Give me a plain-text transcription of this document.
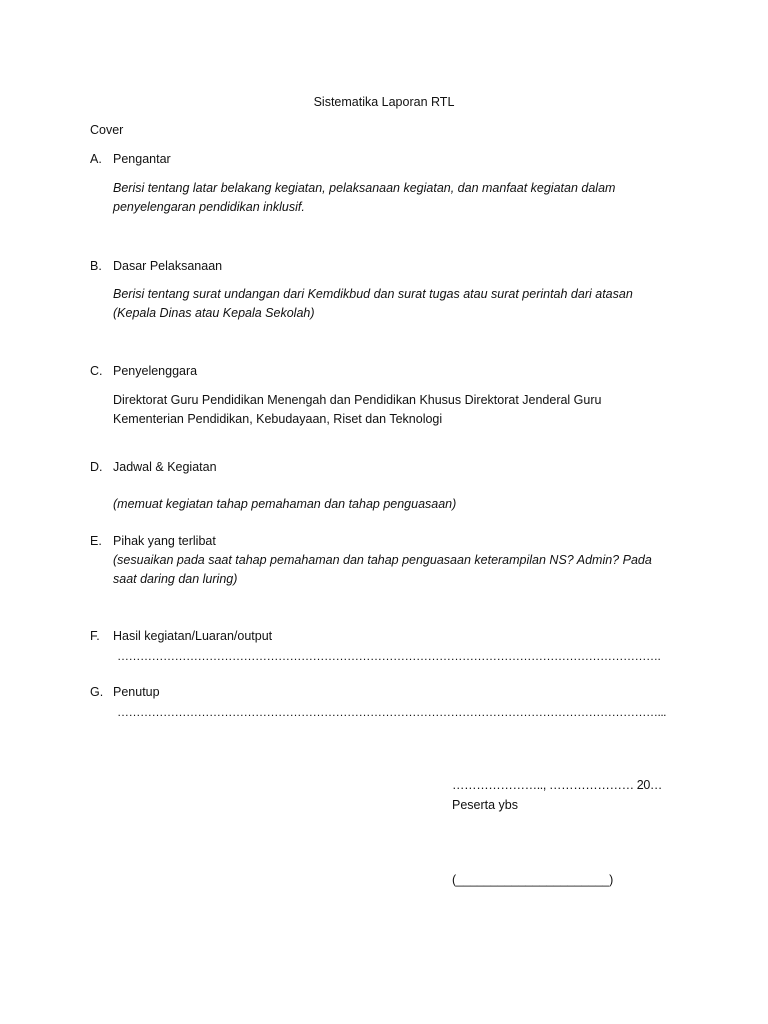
Sistematika Laporan RTL
Cover
A. Pengantar
Berisi tentang latar belakang kegiatan, pelaksanaan kegiatan, dan manfaat kegiatan dalam
penyelengaran pendidikan inklusif.
B. Dasar Pelaksanaan
Berisi tentang surat undangan dari Kemdikbud dan surat tugas atau surat perintah dari atasan
(Kepala Dinas atau Kepala Sekolah)
C. Penyelenggara
Direktorat Guru Pendidikan Menengah dan Pendidikan Khusus Direktorat Jenderal Guru
Kementerian Pendidikan, Kebudayaan, Riset dan Teknologi
D. Jadwal & Kegiatan
(memuat kegiatan tahap pemahaman dan tahap penguasaan)
E. Pihak yang terlibat
(sesuaikan pada saat tahap pemahaman dan tahap penguasaan keterampilan NS? Admin? Pada
saat daring dan luring)
F. Hasil kegiatan/Luaran/output
…………………………………………………………………………………………………………………………….
G. Penutup
……………………………………………………………………………………………………………………………...
………………….., ………………… 20…
Peserta ybs
(______________________)
